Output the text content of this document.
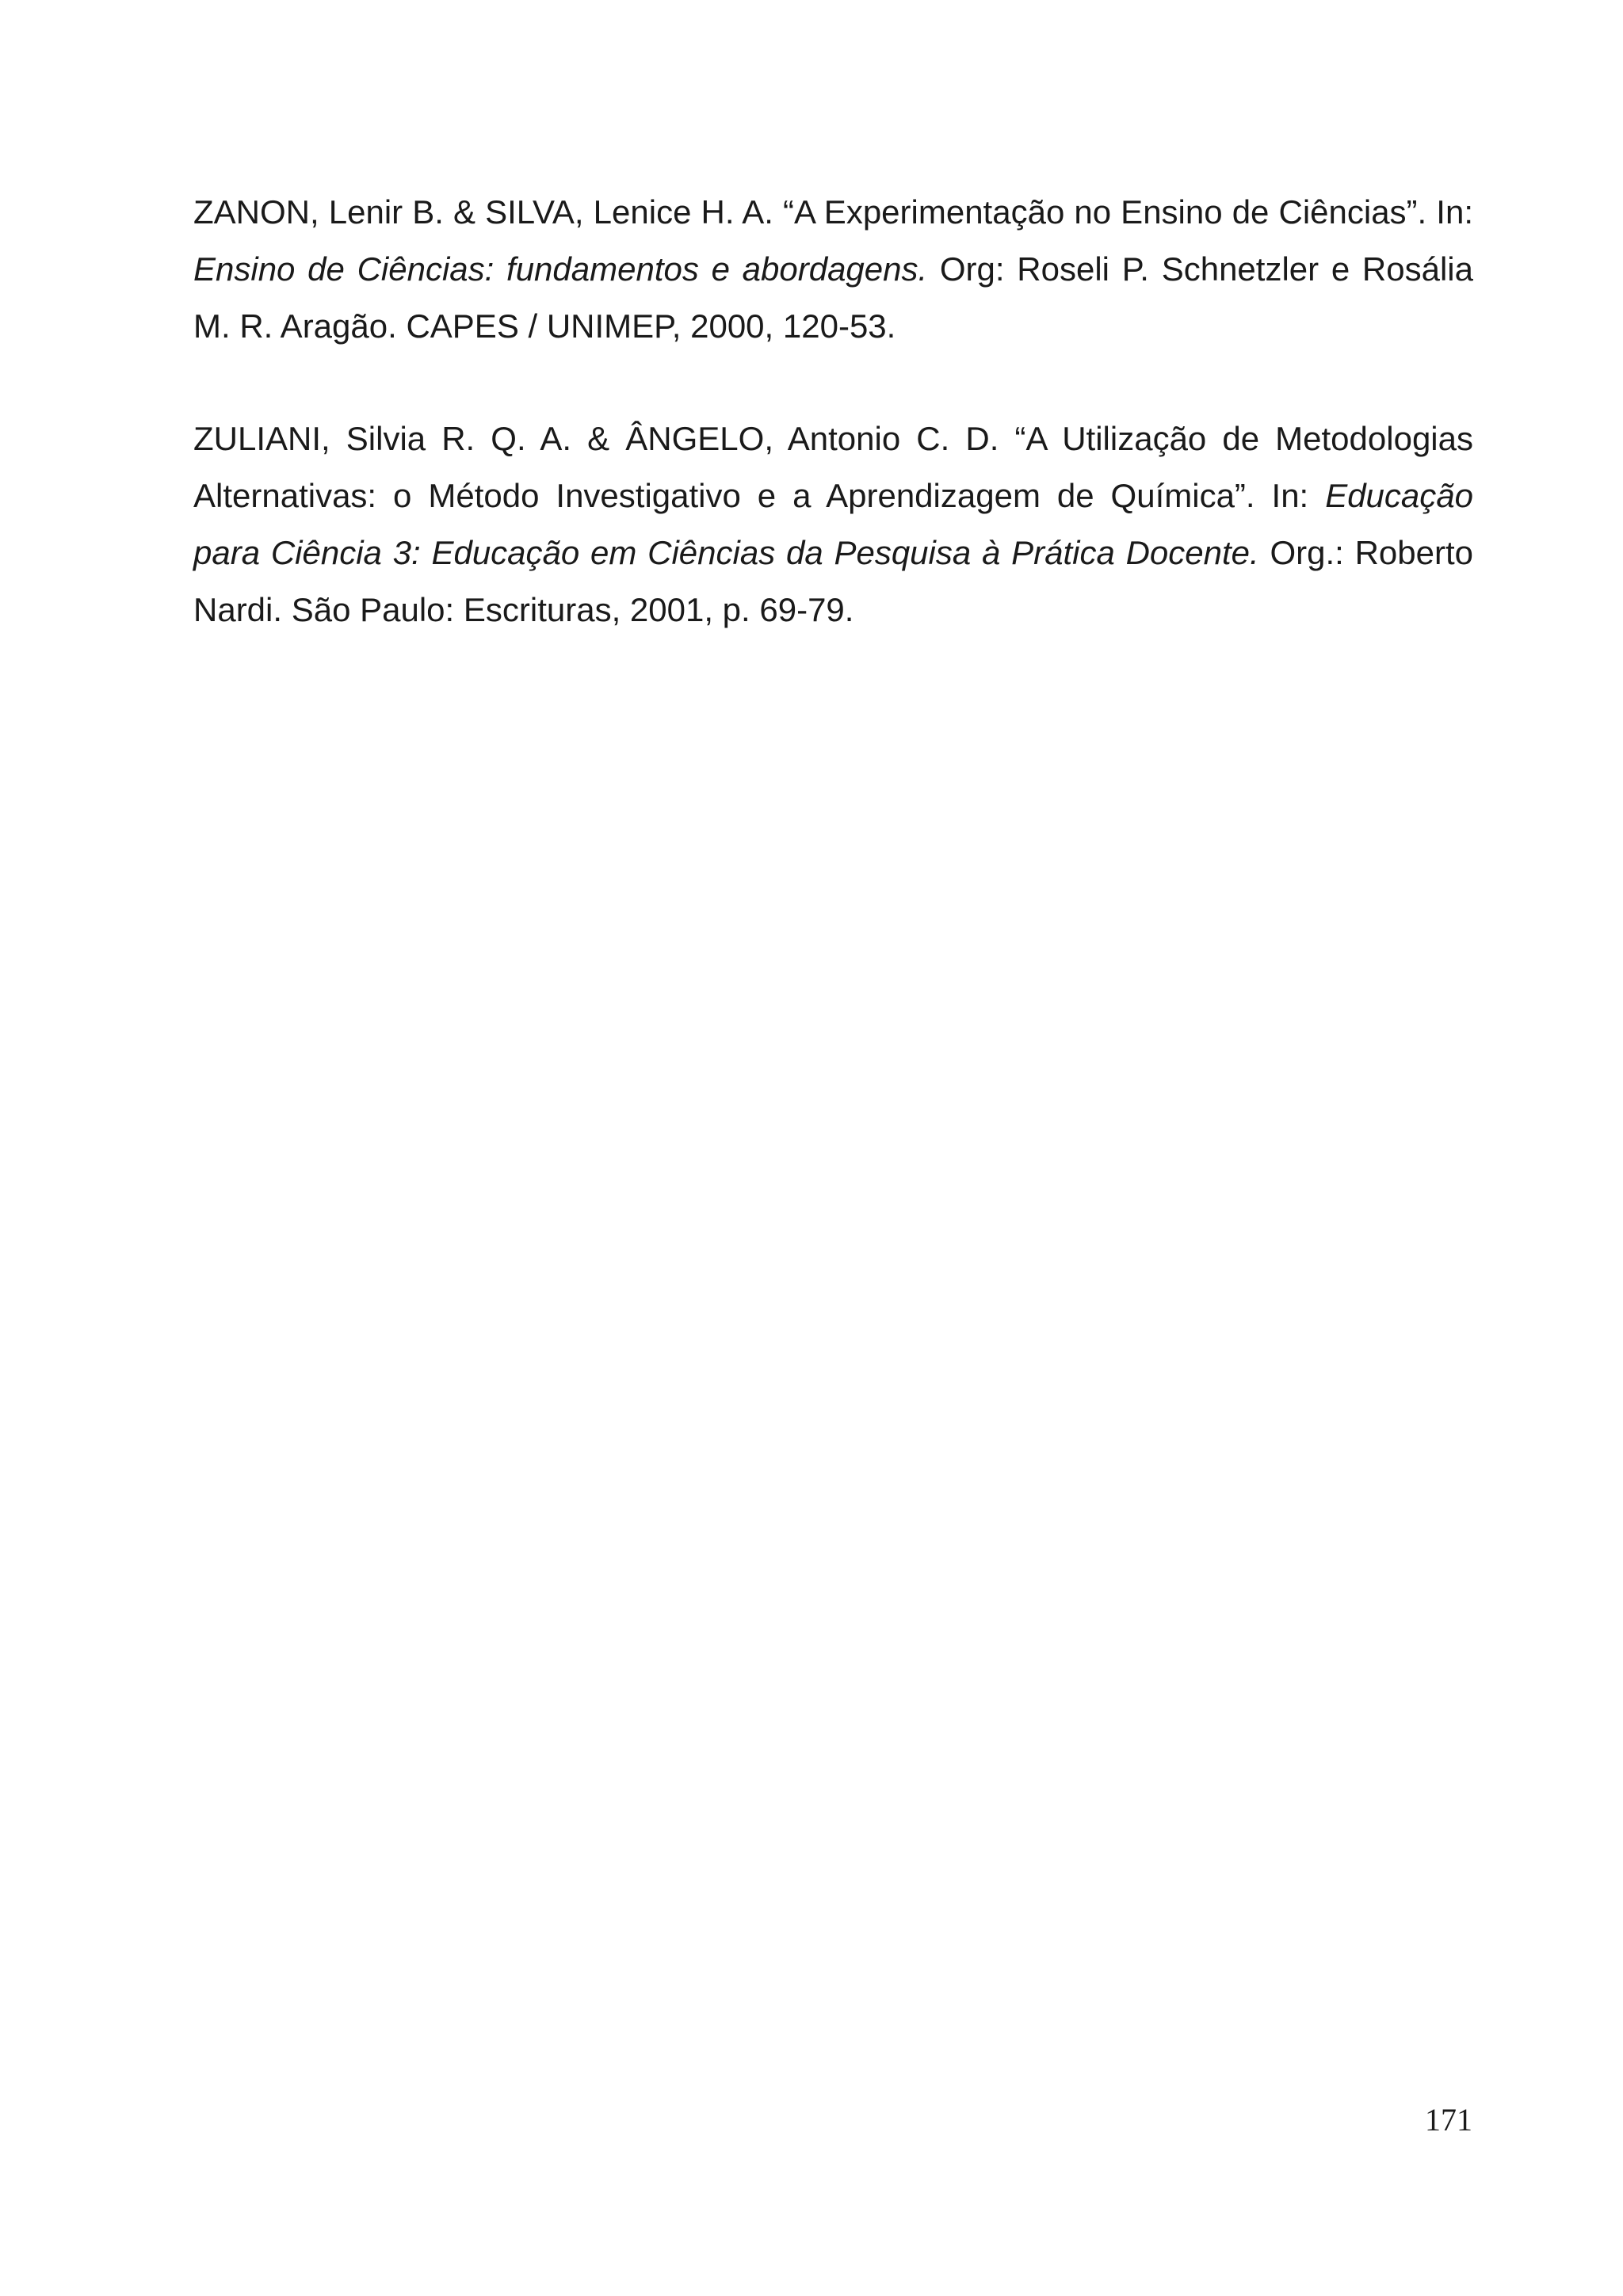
ZANON, Lenir B. & SILVA, Lenice H. A. “A Experimentação no Ensino de Ciências”. In: Ensino de Ciências: fundamentos e abordagens. Org: Roseli P. Schnetzler e Rosália M. R. Aragão. CAPES / UNIMEP, 2000, 120-53.

ZULIANI, Silvia R. Q. A. & ÂNGELO, Antonio C. D. “A Utilização de Metodologias Alternativas: o Método Investigativo e a Aprendizagem de Química”. In: Educação para Ciência 3: Educação em Ciências da Pesquisa à Prática Docente. Org.: Roberto Nardi. São Paulo: Escrituras, 2001, p. 69-79.

171
